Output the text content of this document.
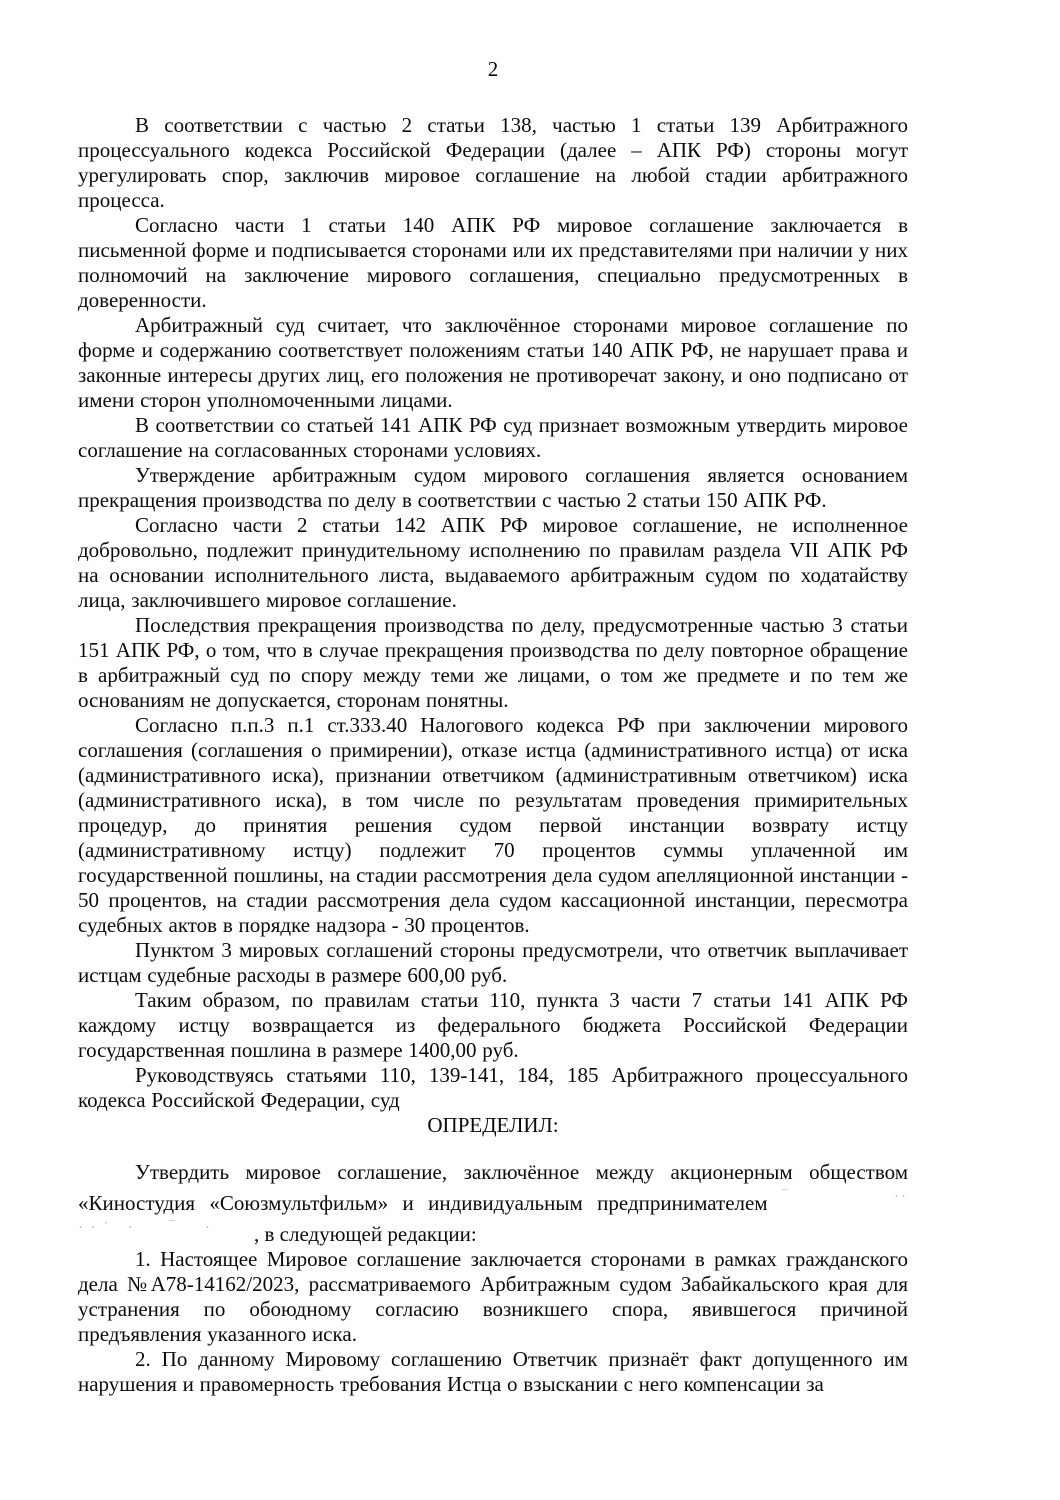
2

В соответствии с частью 2 статьи 138, частью 1 статьи 139 Арбитражного процессуального кодекса Российской Федерации (далее – АПК РФ) стороны могут урегулировать спор, заключив мировое соглашение на любой стадии арбитражного процесса.

Согласно части 1 статьи 140 АПК РФ мировое соглашение заключается в письменной форме и подписывается сторонами или их представителями при наличии у них полномочий на заключение мирового соглашения, специально предусмотренных в доверенности.

Арбитражный суд считает, что заключённое сторонами мировое соглашение по форме и содержанию соответствует положениям статьи 140 АПК РФ, не нарушает права и законные интересы других лиц, его положения не противоречат закону, и оно подписано от имени сторон уполномоченными лицами.

В соответствии со статьей 141 АПК РФ суд признает возможным утвердить мировое соглашение на согласованных сторонами условиях.

Утверждение арбитражным судом мирового соглашения является основанием прекращения производства по делу в соответствии с частью 2 статьи 150 АПК РФ.

Согласно части 2 статьи 142 АПК РФ мировое соглашение, не исполненное добровольно, подлежит принудительному исполнению по правилам раздела VII АПК РФ на основании исполнительного листа, выдаваемого арбитражным судом по ходатайству лица, заключившего мировое соглашение.

Последствия прекращения производства по делу, предусмотренные частью 3 статьи 151 АПК РФ, о том, что в случае прекращения производства по делу повторное обращение в арбитражный суд по спору между теми же лицами, о том же предмете и по тем же основаниям не допускается, сторонам понятны.

Согласно п.п.3 п.1 ст.333.40 Налогового кодекса РФ при заключении мирового соглашения (соглашения о примирении), отказе истца (административного истца) от иска (административного иска), признании ответчиком (административным ответчиком) иска (административного иска), в том числе по результатам проведения примирительных процедур, до принятия решения судом первой инстанции возврату истцу (административному истцу) подлежит 70 процентов суммы уплаченной им государственной пошлины, на стадии рассмотрения дела судом апелляционной инстанции - 50 процентов, на стадии рассмотрения дела судом кассационной инстанции, пересмотра судебных актов в порядке надзора - 30 процентов.

Пунктом 3 мировых соглашений стороны предусмотрели, что ответчик выплачивает истцам судебные расходы в размере 600,00 руб.

Таким образом, по правилам статьи 110, пункта 3 части 7 статьи 141 АПК РФ каждому истцу возвращается из федерального бюджета Российской Федерации государственная пошлина в размере 1400,00 руб.

Руководствуясь статьями 110, 139-141, 184, 185 Арбитражного процессуального кодекса Российской Федерации, суд

ОПРЕДЕЛИЛ:

Утвердить мировое соглашение, заключённое между акционерным обществом
«Киностудия «Союзмультфильм» и индивидуальным предпринимателем ‾      ··
· · ˙   ·      ‾     · , в следующей редакции:

1. Настоящее Мировое соглашение заключается сторонами в рамках гражданского дела №А78-14162/2023, рассматриваемого Арбитражным судом Забайкальского края для устранения по обоюдному согласию возникшего спора, явившегося причиной предъявления указанного иска.

2. По данному Мировому соглашению Ответчик признаёт факт допущенного им нарушения и правомерность требования Истца о взыскании с него компенсации за
